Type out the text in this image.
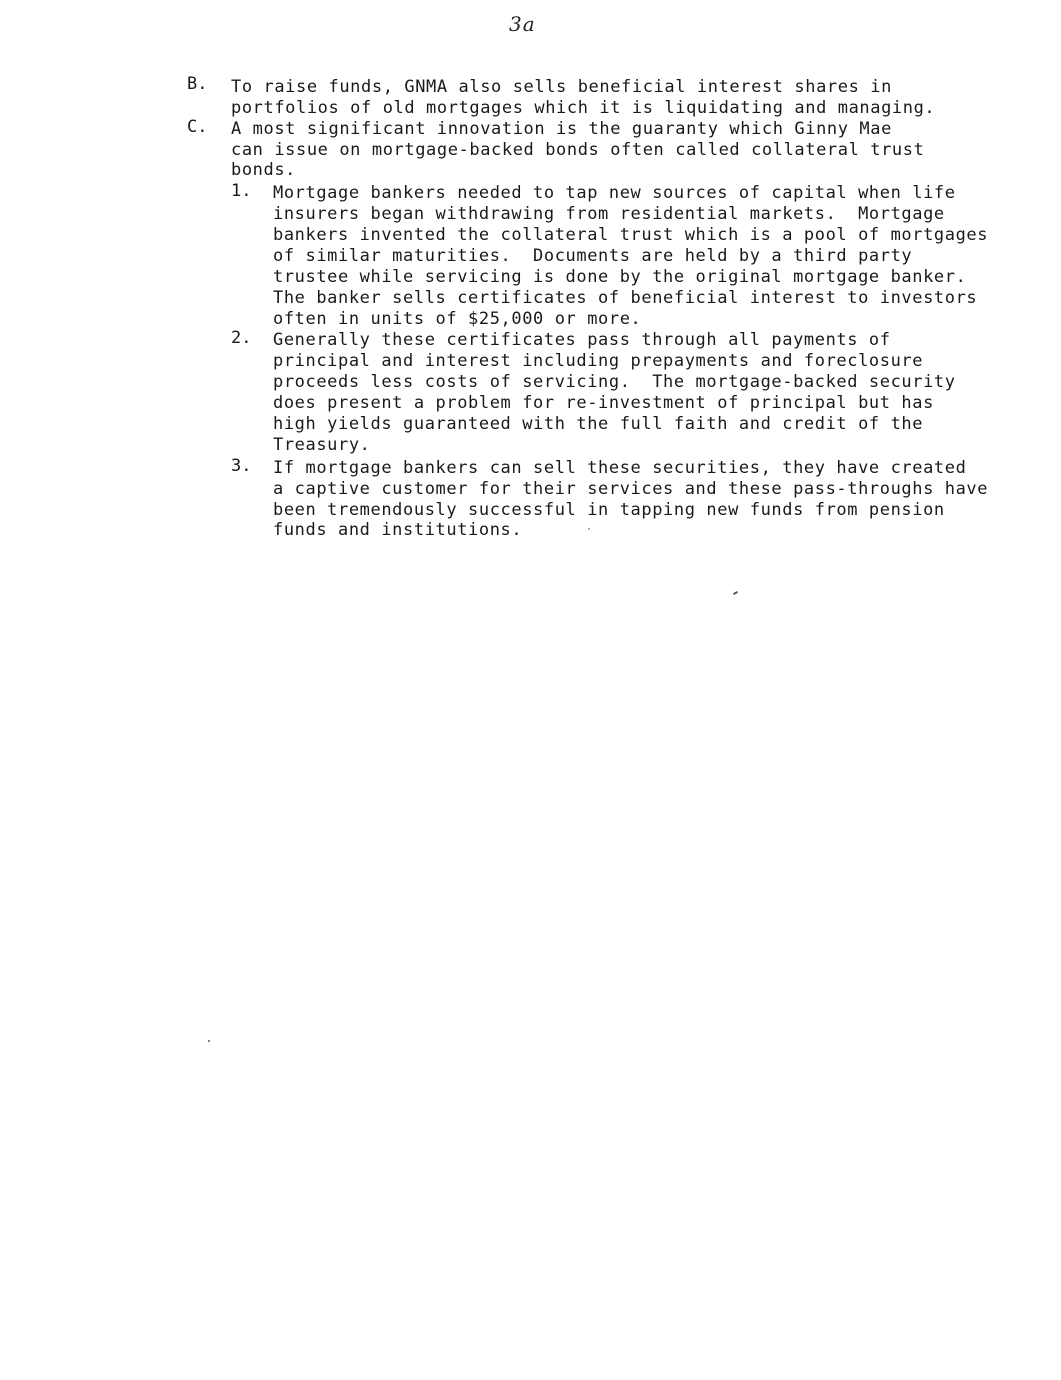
3a
B. To raise funds, GNMA also sells beneficial interest shares in
portfolios of old mortgages which it is liquidating and managing.
C. A most significant innovation is the guaranty which Ginny Mae
can issue on mortgage-backed bonds often called collateral trust
bonds.
1. Mortgage bankers needed to tap new sources of capital when life
insurers began withdrawing from residential markets.  Mortgage
bankers invented the collateral trust which is a pool of mortgages
of similar maturities.  Documents are held by a third party
trustee while servicing is done by the original mortgage banker.
The banker sells certificates of beneficial interest to investors
often in units of $25,000 or more.
2. Generally these certificates pass through all payments of
principal and interest including prepayments and foreclosure
proceeds less costs of servicing.  The mortgage-backed security
does present a problem for re-investment of principal but has
high yields guaranteed with the full faith and credit of the
Treasury.
3. If mortgage bankers can sell these securities, they have created
a captive customer for their services and these pass-throughs have
been tremendously successful in tapping new funds from pension
funds and institutions.
